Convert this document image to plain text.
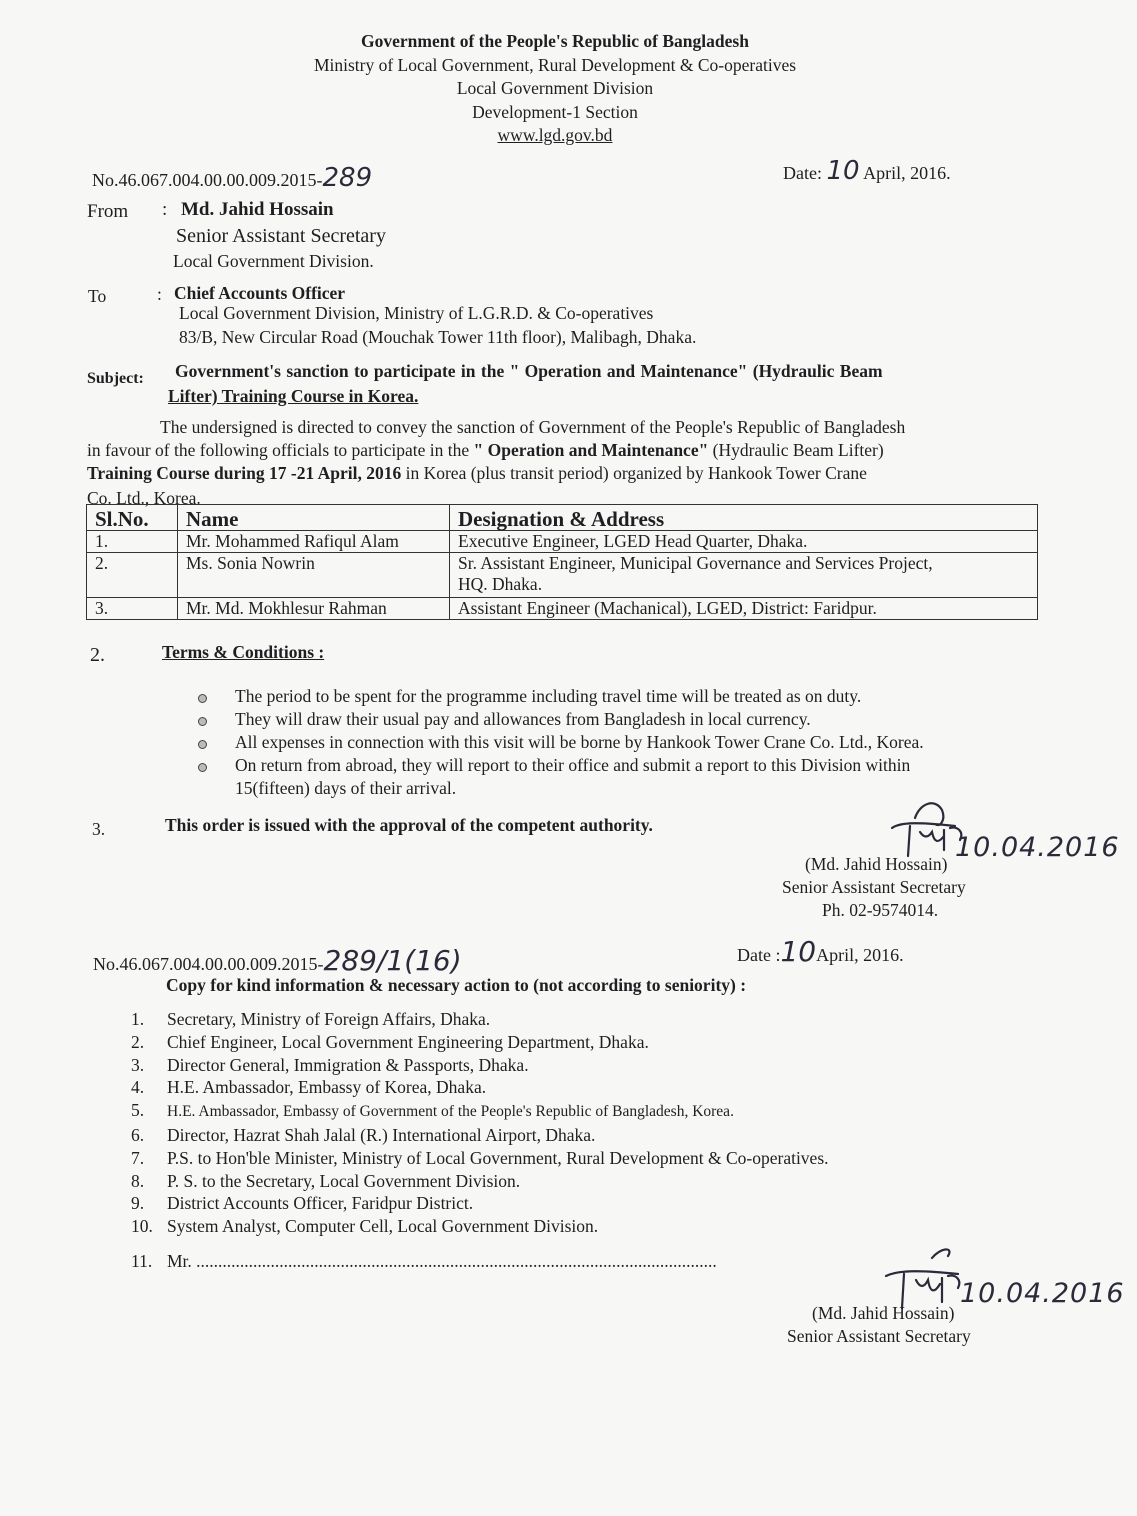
Government of the People's Republic of Bangladesh
Ministry of Local Government, Rural Development & Co-operatives
Local Government Division
Development-1 Section
www.lgd.gov.bd
No.46.067.004.00.00.009.2015-289	Date: 10 April, 2016.
From : Md. Jahid Hossain
Senior Assistant Secretary
Local Government Division.
To	: Chief Accounts Officer
Local Government Division, Ministry of L.G.R.D. & Co-operatives
83/B, New Circular Road (Mouchak Tower 11th floor), Malibagh, Dhaka.
Subject: Government's sanction to participate in the " Operation and Maintenance" (Hydraulic Beam
Lifter) Training Course in Korea.
The undersigned is directed to convey the sanction of Government of the People's Republic of Bangladesh
in favour of the following officials to participate in the " Operation and Maintenance" (Hydraulic Beam Lifter)
Training Course during 17 -21 April, 2016 in Korea (plus transit period) organized by Hankook Tower Crane
Co. Ltd., Korea.
Sl.No.	Name	Designation & Address
1.	Mr. Mohammed Rafiqul Alam	Executive Engineer, LGED Head Quarter, Dhaka.
2.	Ms. Sonia Nowrin	Sr. Assistant Engineer, Municipal Governance and Services Project,
HQ. Dhaka.

3.	Mr. Md. Mokhlesur Rahman	Assistant Engineer (Machanical), LGED, District: Faridpur.
2.	Terms & Conditions :
The period to be spent for the programme including travel time will be treated as on duty.
They will draw their usual pay and allowances from Bangladesh in local currency.
All expenses in connection with this visit will be borne by Hankook Tower Crane Co. Ltd., Korea.
On return from abroad, they will report to their office and submit a report to this Division within
15(fifteen) days of their arrival.
3.	This order is issued with the approval of the competent authority.
10.04.2016
(Md. Jahid Hossain)
Senior Assistant Secretary
Ph. 02-9574014.
No.46.067.004.00.00.009.2015-289/1(16)	Date :10April, 2016.
Copy for kind information & necessary action to (not according to seniority) :
1. Secretary, Ministry of Foreign Affairs, Dhaka.
2. Chief Engineer, Local Government Engineering Department, Dhaka.
3. Director General, Immigration & Passports, Dhaka.
4. H.E. Ambassador, Embassy of Korea, Dhaka.
5. H.E. Ambassador, Embassy of Government of the People's Republic of Bangladesh, Korea.
6. Director, Hazrat Shah Jalal (R.) International Airport, Dhaka.
7. P.S. to Hon'ble Minister, Ministry of Local Government, Rural Development & Co-operatives.
8. P. S. to the Secretary, Local Government Division.
9. District Accounts Officer, Faridpur District.
10. System Analyst, Computer Cell, Local Government Division.
11. Mr. .......................................................................................................................
10.04.2016
(Md. Jahid Hossain)
Senior Assistant Secretary
